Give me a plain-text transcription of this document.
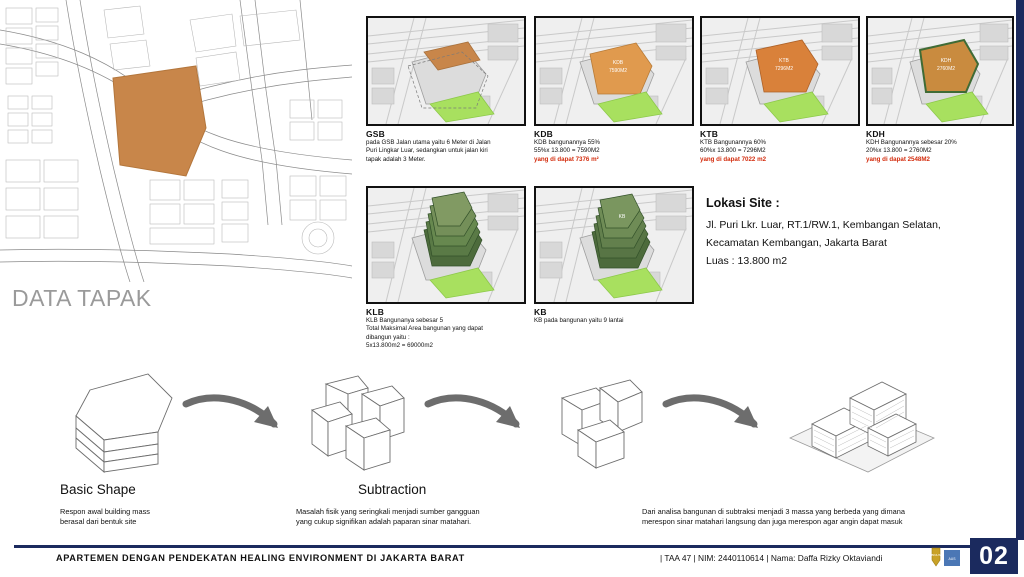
DATA TAPAK
GSB
pada GSB Jalan utama yaitu 6 Meter di Jalan
Puri Lingkar Luar, sedangkan untuk jalan kiri
tapak adalah 3 Meter.
KDB
7590M2
KDB
KDB bangunannya 55%
55%x 13.800 = 7590M2
yang di dapat 7376 m²
KTB
7296M2
KTB
KTB Bangunannya 60%
60%x 13.800 = 7296M2
yang di dapat 7022 m2
KDH
2760M2
KDH
KDH Bangunannya sebesar 20%
20%x 13.800 = 2760M2
yang di dapat 2548M2
KLB
KLB Bangunanya sebesar 5
Total Maksimal Area bangunan yang dapat
dibangun yaitu :
5x13.800m2 = 69000m2
KB
KB
KB pada bangunan yaitu 9 lantai
Lokasi Site :

Jl. Puri Lkr. Luar, RT.1/RW.1, Kembangan Selatan,

Kecamatan Kembangan, Jakarta Barat

Luas : 13.800 m2

Basic Shape
Respon awal building mass
berasal dari bentuk site
Subtraction
Masalah fisik yang seringkali menjadi sumber gangguan
yang cukup signifikan adalah paparan sinar matahari.
Dari analisa bangunan di subtraksi menjadi 3 massa yang berbeda yang dimana
merespon sinar matahari langsung dan juga merespon agar angin dapat masuk
APARTEMEN DENGAN PENDEKATAN HEALING ENVIRONMENT DI JAKARTA BARAT	| TAA 47 | NIM: 2440110614 | Nama: Daffa Rizky Oktaviandi	BINUS
AUS 02
